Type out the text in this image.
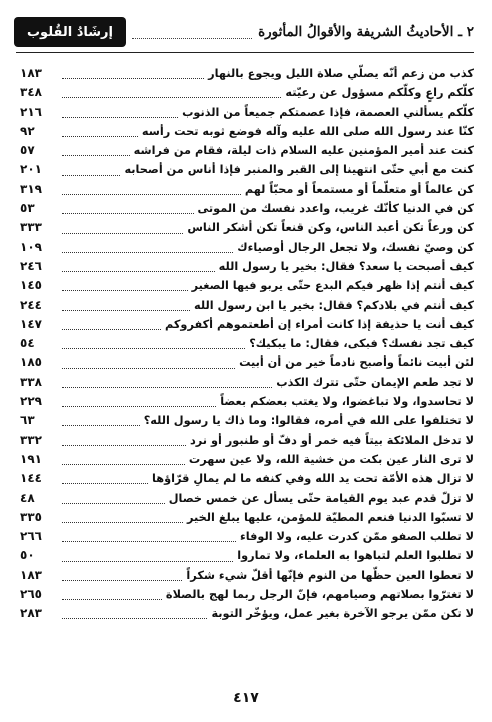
٢ ـ الأحاديثُ الشريفة والأقوالُ المأثورة
إرشَادُ القُلوب
كذب من زعم أنّه يصلّي صلاة الليل ويجوع بالنهار
١٨٣
كلّكم راعٍ وكلّكم مسؤول عن رعيّته
٣٤٨
كلّكم يسألني العصمة، فإذا عصمتكم جميعاً من الذنوب
٢١٦
كنّا عند رسول الله صلى الله عليه وآله فوضع ثوبه تحت رأسه
٩٢
كنت عند أمير المؤمنين عليه السلام ذات ليلة، فقام من فراشه
٥٧
كنت مع أبي حتّى انتهينا إلى القبر والمنبر فإذا أناس من أصحابه
٢٠١
كن عالماً أو متعلّماً أو مستمعاً أو محبّاً لهم
٣١٩
كن في الدنيا كأنّك غريب، واعدد نفسك من الموتى
٥٣
كن ورعاً تكن أعبد الناس، وكن قنعاً تكن أشكر الناس
٣٣٣
كن وصيّ نفسك، ولا تجعل الرجال أوصياءك
١٠٩
كيف أصبحت يا سعد؟ فقال: بخير يا رسول الله
٢٤٦
كيف أنتم إذا ظهر فيكم البدع حتّى يربو فيها الصغير
١٤٥
كيف أنتم في بلادكم؟ فقال: بخير يا ابن رسول الله
٢٤٤
كيف أنت يا حذيفة إذا كانت أمراء إن أطعتموهم أكفروكم
١٤٧
كيف تجد نفسك؟ فبكى، فقال: ما يبكيك؟
٥٤
لئن أبيت نائماً وأصبح نادماً خير من أن أبيت
١٨٥
لا تجد طعم الإيمان حتّى تترك الكذب
٣٣٨
لا تحاسدوا، ولا تباغضوا، ولا يغتب بعضكم بعضاً
٢٢٩
لا تختلفوا على الله في أمره، فقالوا: وما ذاك يا رسول الله؟
٦٣
لا تدخل الملائكة بيتاً فيه خمر أو دفّ أو طنبور أو نرد
٣٣٢
لا ترى النار عين بكت من خشية الله، ولا عين سهرت
١٩١
لا تزال هذه الأمّة تحت يد الله وفي كنفه ما لم يمالِ قرّاؤها
١٤٤
لا تزلّ قدم عبد يوم القيامة حتّى يسأل عن خمس خصال
٤٨
لا تسبّوا الدنيا فنعم المطيّة للمؤمن، عليها يبلغ الخير
٣٣٥
لا تطلب الصفو ممّن كدرت عليه، ولا الوفاء
٢٦٦
لا تطلبوا العلم لتباهوا به العلماء، ولا تماروا
٥٠
لا تعطوا العين حظّها من النوم فإنّها أقلّ شيء شكراً
١٨٣
لا تغترّوا بصلاتهم وصيامهم، فإنّ الرجل ربما لهج بالصلاة
٢٦٥
لا تكن ممّن يرجو الآخرة بغير عمل، ويؤخّر التوبة
٢٨٣
٤١٧
